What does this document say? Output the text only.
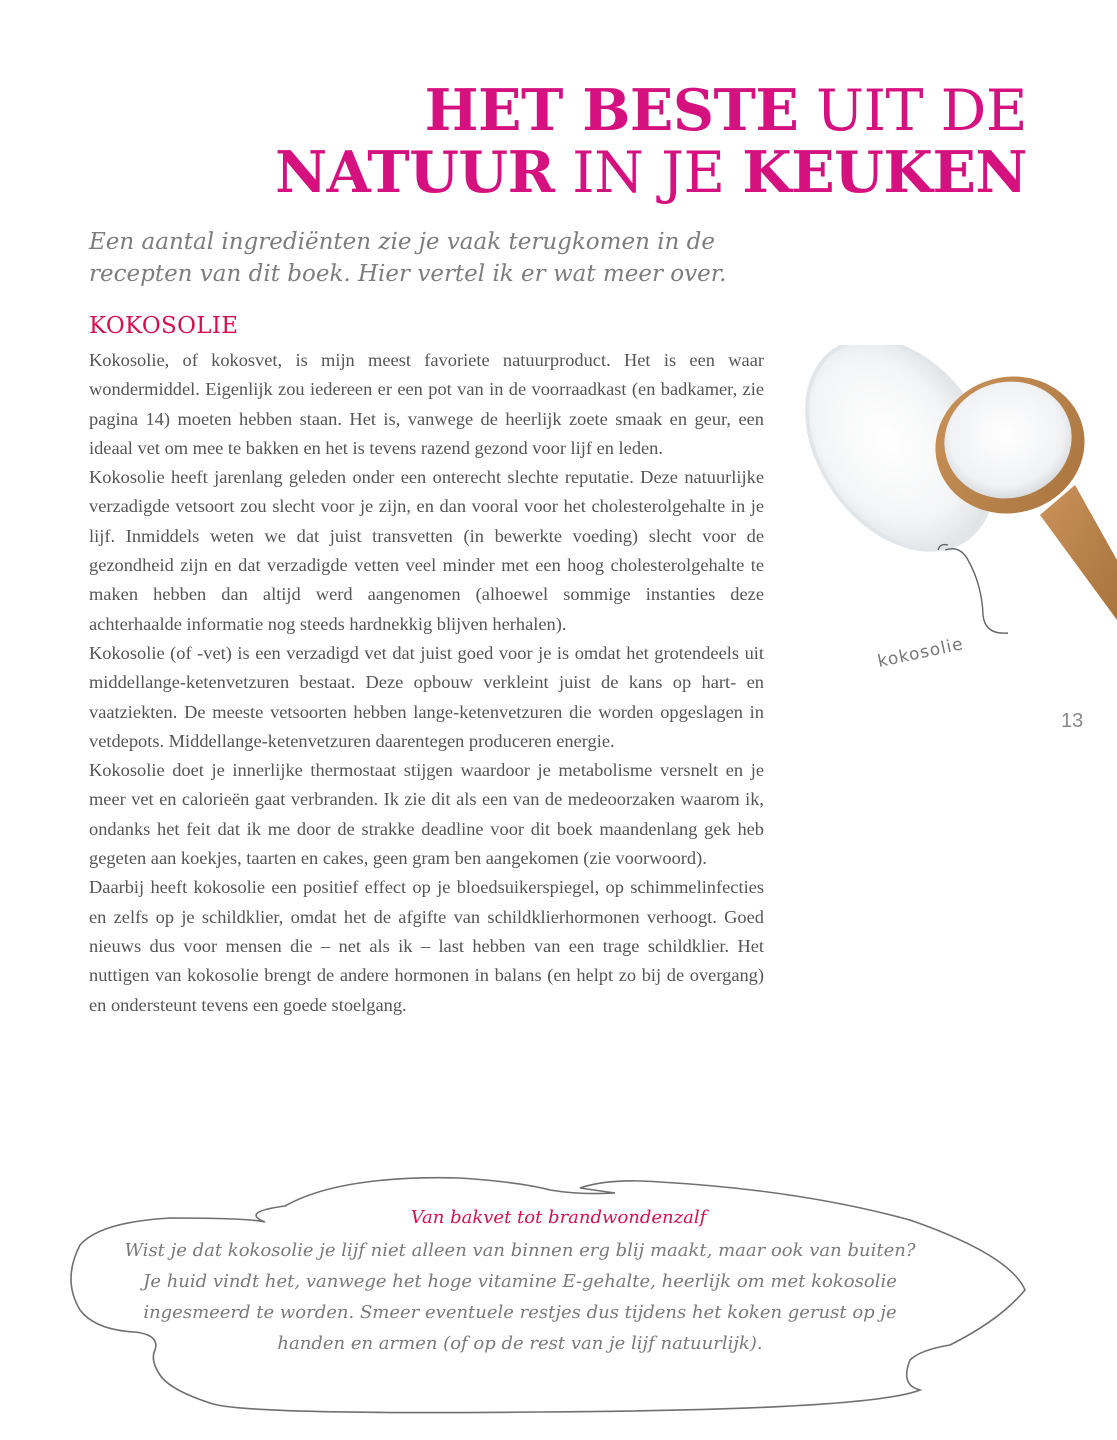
HET BESTE UIT DE
NATUUR IN JE KEUKEN
Een aantal ingrediënten zie je vaak terugkomen in de recepten van dit boek. Hier vertel ik er wat meer over.
KOKOSOLIE

Kokosolie, of kokosvet, is mijn meest favoriete natuurproduct. Het is een waar wondermiddel. Eigenlijk zou iedereen er een pot van in de voorraadkast (en badkamer, zie pagina 14) moeten hebben staan. Het is, vanwege de heerlijk zoete smaak en geur, een ideaal vet om mee te bakken en het is tevens razend gezond voor lijf en leden.

Kokosolie heeft jarenlang geleden onder een onterecht slechte reputatie. Deze natuurlijke verzadigde vetsoort zou slecht voor je zijn, en dan vooral voor het cholesterolgehalte in je lijf. Inmiddels weten we dat juist transvetten (in bewerkte voeding) slecht voor de gezondheid zijn en dat verzadigde vetten veel minder met een hoog cholesterolgehalte te maken hebben dan altijd werd aangenomen (alhoewel sommige instanties deze achterhaalde informatie nog steeds hardnekkig blijven herhalen).

Kokosolie (of -vet) is een verzadigd vet dat juist goed voor je is omdat het grotendeels uit middellange-ketenvetzuren bestaat. Deze opbouw verkleint juist de kans op hart- en vaatziekten. De meeste vetsoorten hebben lange-ketenvetzuren die worden opgeslagen in vetdepots. Middellange-ketenvetzuren daarentegen produceren energie.

Kokosolie doet je innerlijke thermostaat stijgen waardoor je metabolisme versnelt en je meer vet en calorieën gaat verbranden. Ik zie dit als een van de medeoorzaken waarom ik, ondanks het feit dat ik me door de strakke deadline voor dit boek maandenlang gek heb gegeten aan koekjes, taarten en cakes, geen gram ben aangekomen (zie voorwoord).

Daarbij heeft kokosolie een positief effect op je bloedsuikerspiegel, op schimmelinfecties en zelfs op je schildklier, omdat het de afgifte van schildklierhormonen verhoogt. Goed nieuws dus voor mensen die – net als ik – last hebben van een trage schildklier. Het nuttigen van kokosolie brengt de andere hormonen in balans (en helpt zo bij de overgang) en ondersteunt tevens een goede stoelgang.

kokosolie
13
Van bakvet tot brandwondenzalf
Wist je dat kokosolie je lijf niet alleen van binnen erg blij maakt, maar ook van buiten? Je huid vindt het, vanwege het hoge vitamine E-gehalte, heerlijk om met kokosolie ingesmeerd te worden. Smeer eventuele restjes dus tijdens het koken gerust op je handen en armen (of op de rest van je lijf natuurlijk).
